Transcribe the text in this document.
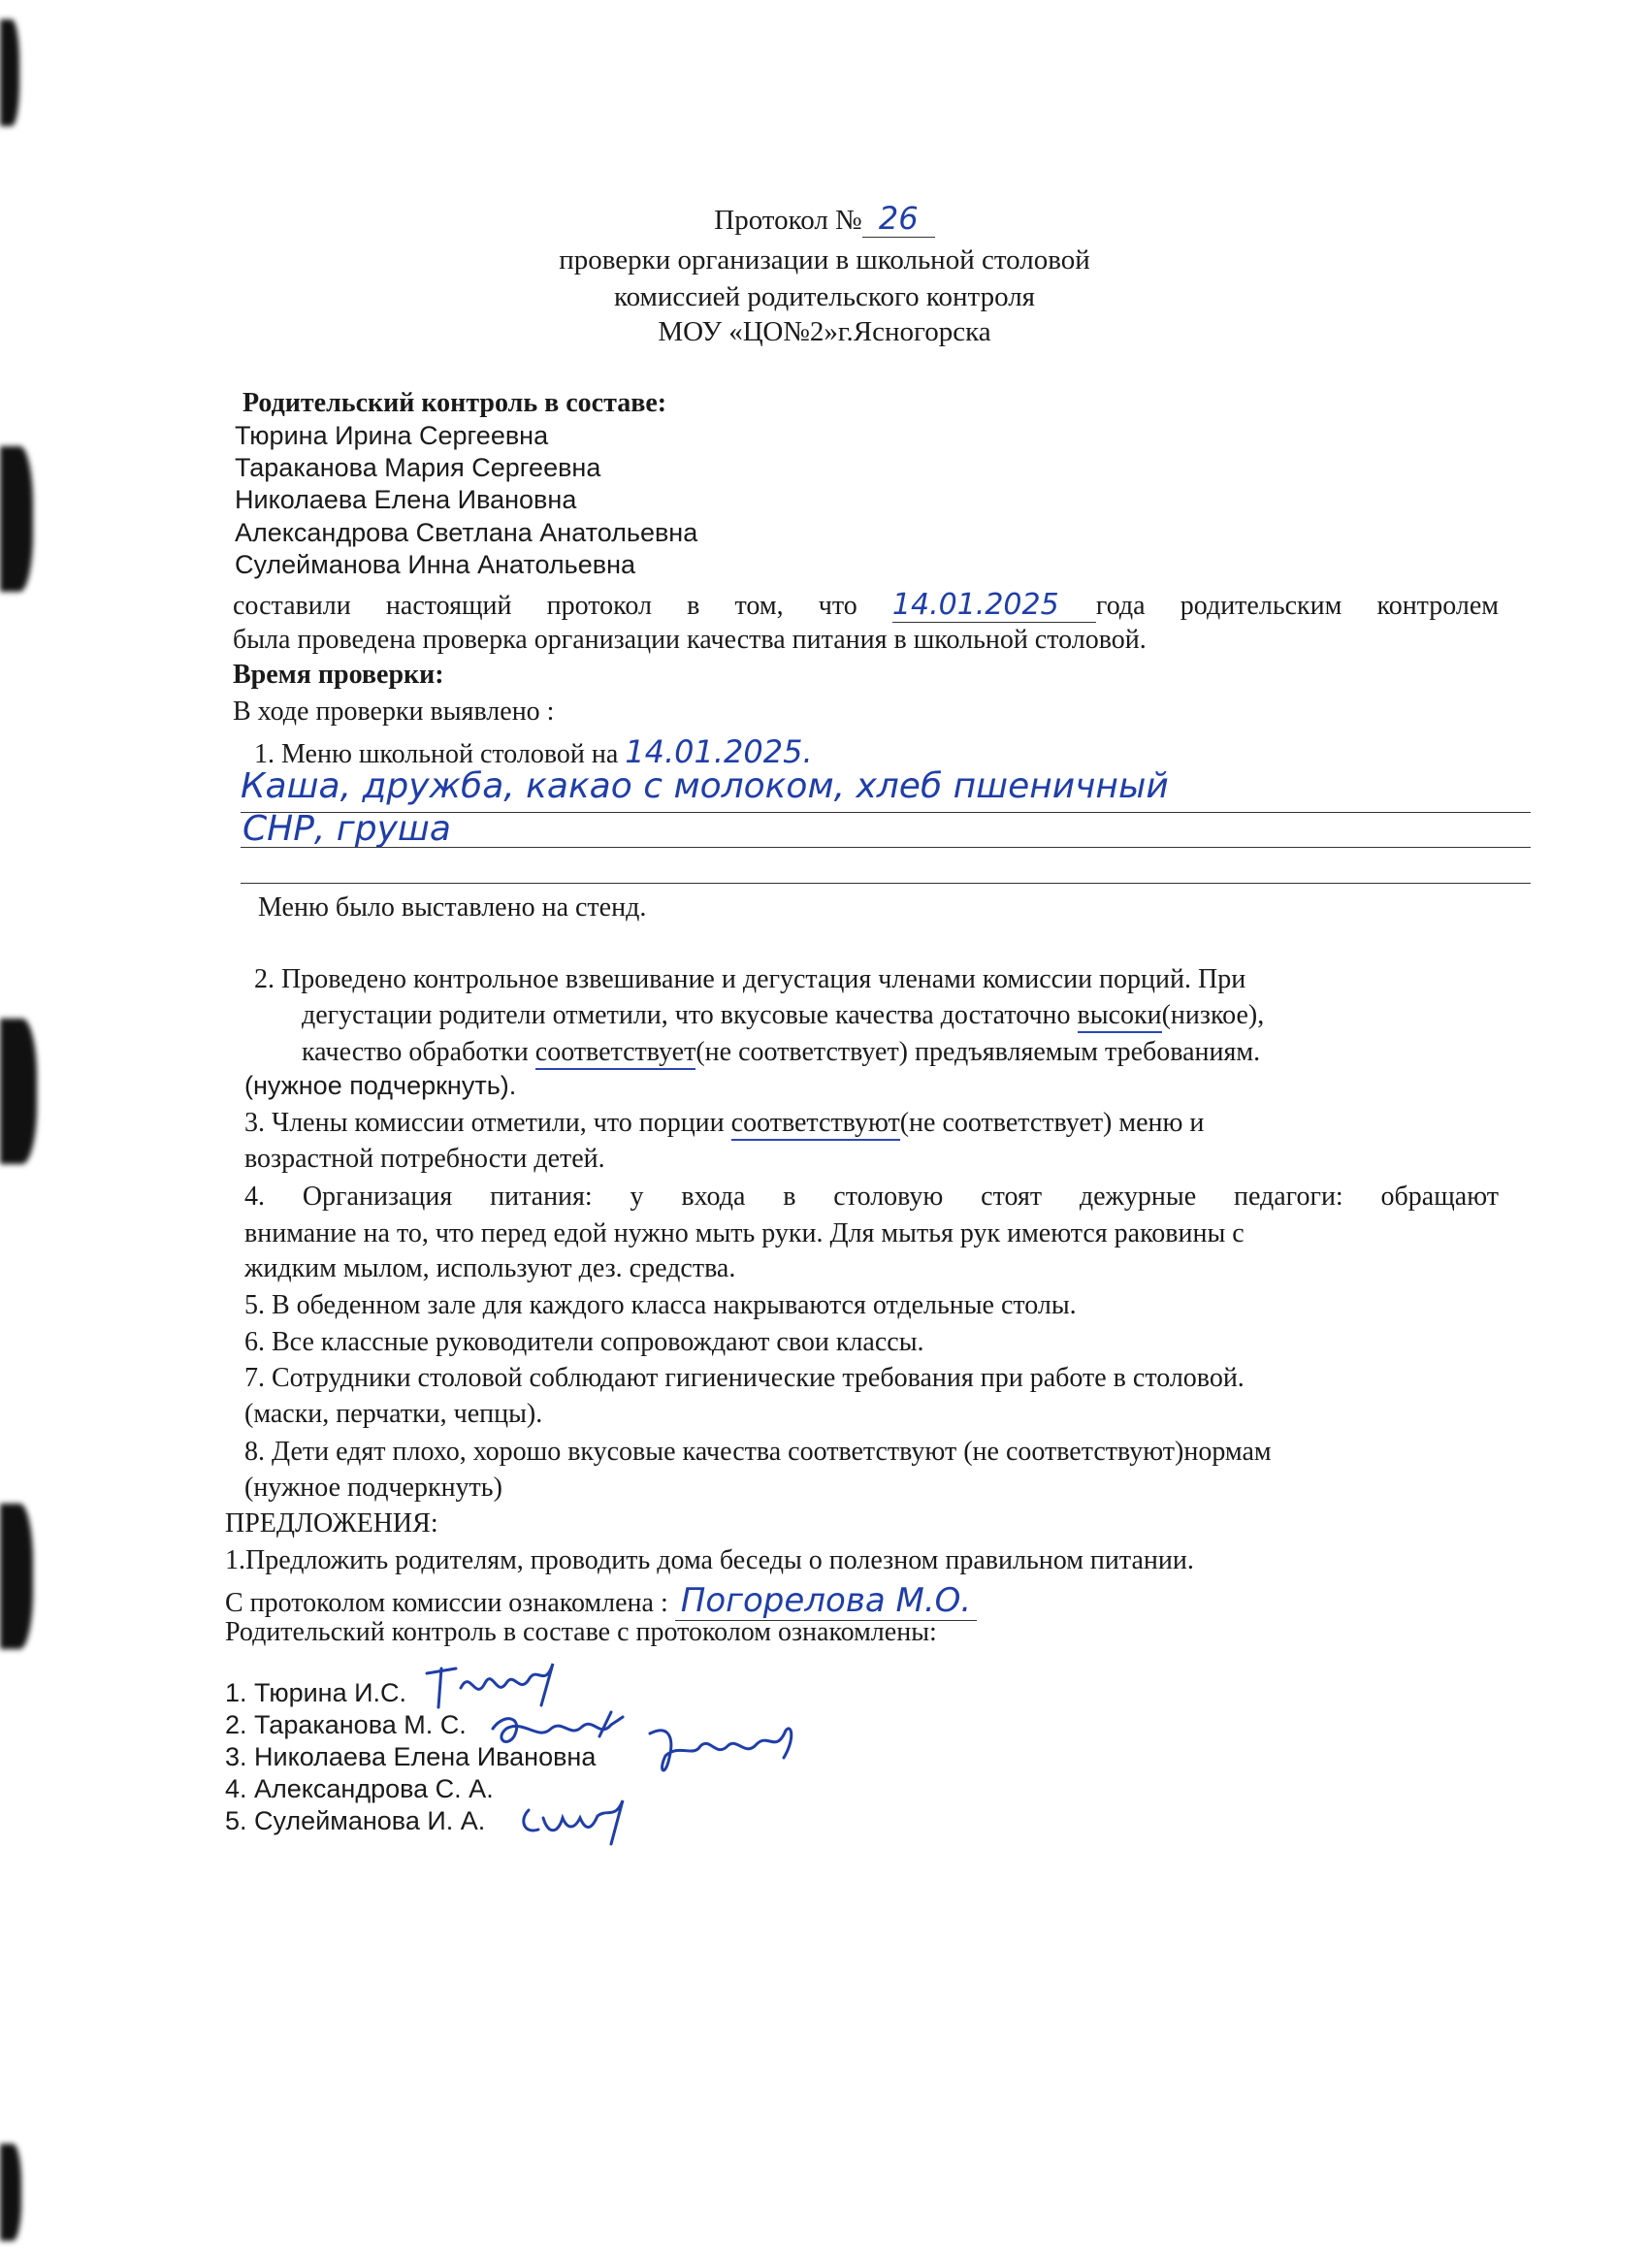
Протокол № 26
проверки организации в школьной столовой
комиссией родительского контроля
МОУ «ЦО№2»г.Ясногорска
Родительский контроль в составе:
Тюрина Ирина Сергеевна
Тараканова Мария Сергеевна
Николаева Елена Ивановна
Александрова Светлана Анатольевна
Сулейманова Инна Анатольевна
составили настоящий протокол в том, что 14.01.2025 года родительским контролем
была проведена проверка организации качества питания в школьной столовой.
Время проверки:
В ходе проверки выявлено :
1. Меню школьной столовой на 14.01.2025.
Каша, дружба, какао с молоком, хлеб пшеничный
СНР, груша
Меню было выставлено на стенд.
2. Проведено контрольное взвешивание и дегустация членами комиссии порций. При
дегустации родители отметили, что вкусовые качества достаточно высоки(низкое),
качество обработки соответствует(не соответствует) предъявляемым требованиям.
(нужное подчеркнуть).
3. Члены комиссии отметили, что порции соответствуют(не соответствует) меню и
возрастной потребности детей.
4. Организация питания: у входа в столовую стоят дежурные педагоги: обращают
внимание на то, что перед едой нужно мыть руки. Для мытья рук имеются раковины с
жидким мылом, используют дез. средства.
5. В обеденном зале для каждого класса накрываются отдельные столы.
6. Все классные руководители сопровождают свои классы.
7. Сотрудники столовой соблюдают гигиенические требования при работе в столовой.
(маски, перчатки, чепцы).
8. Дети едят плохо, хорошо вкусовые качества соответствуют (не соответствуют)нормам
(нужное подчеркнуть)
ПРЕДЛОЖЕНИЯ:
1.Предложить родителям, проводить дома беседы о полезном правильном питании.
С протоколом комиссии ознакомлена : Погорелова М.О.
Родительский контроль в составе с протоколом ознакомлены:
1. Тюрина И.С.
2. Тараканова М. С.
3. Николаева Елена Ивановна
4. Александрова С. А.
5. Сулейманова И. А.
